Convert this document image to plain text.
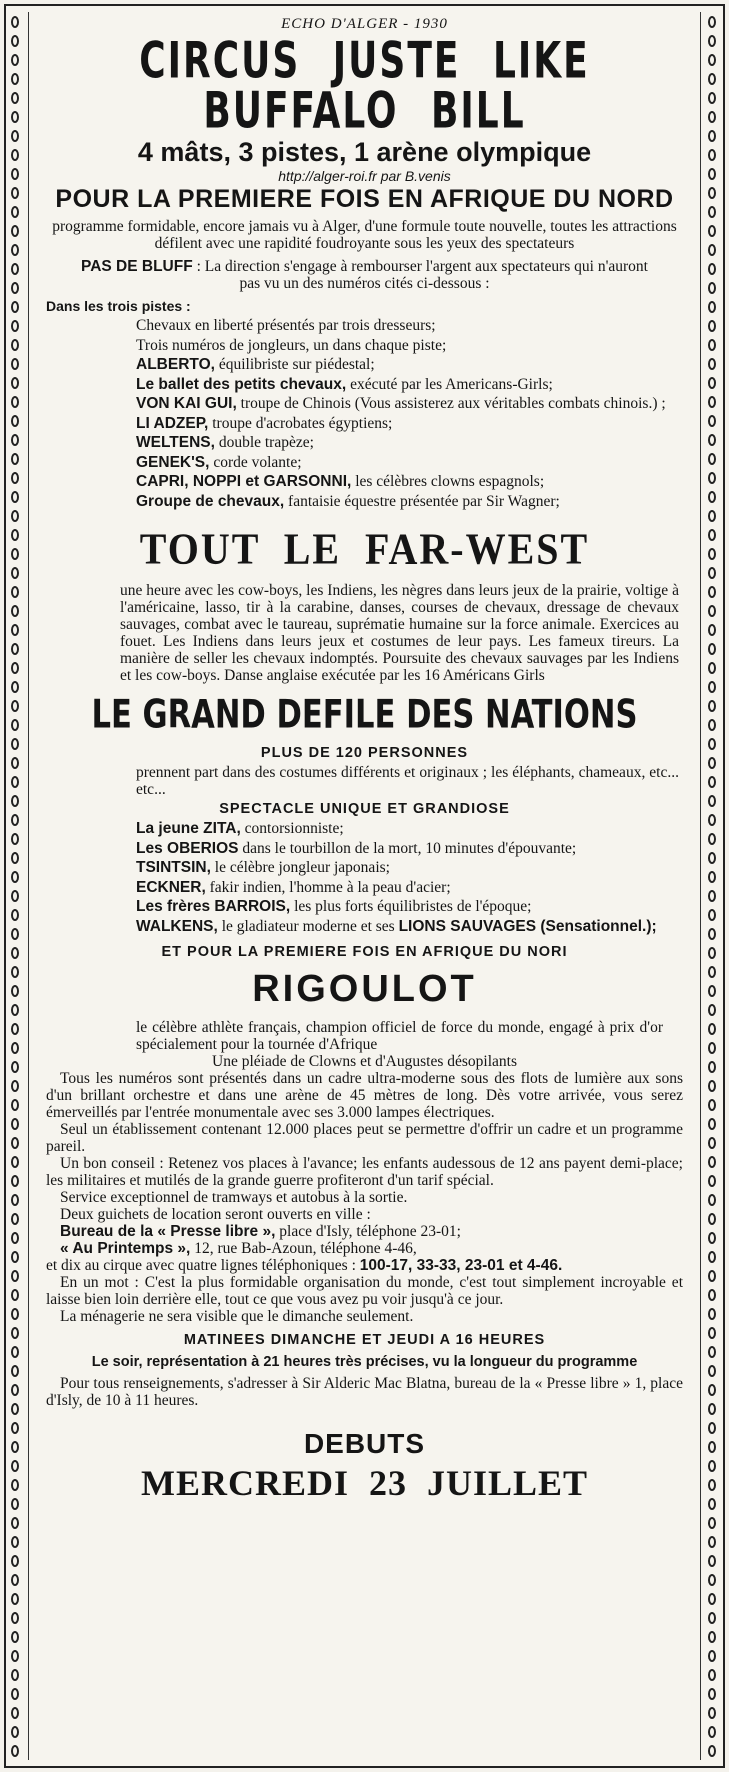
ECHO D'ALGER - 1930

CIRCUS JUSTE LIKE BUFFALO BILL
4 mâts, 3 pistes, 1 arène olympique

http://alger-roi.fr par B.venis

POUR LA PREMIERE FOIS EN AFRIQUE DU NORD

programme formidable, encore jamais vu à Alger, d'une formule toute nouvelle, toutes les attractions défilent avec une rapidité foudroyante sous les yeux des spectateurs

PAS DE BLUFF : La direction s'engage à rembourser l'argent aux spectateurs qui n'auront pas vu un des numéros cités ci-dessous :

Dans les trois pistes :

Chevaux en liberté présentés par trois dresseurs;
Trois numéros de jongleurs, un dans chaque piste;
ALBERTO, équilibriste sur piédestal;
Le ballet des petits chevaux, exécuté par les Americans-Girls;
VON KAI GUI, troupe de Chinois (Vous assisterez aux véritables combats chinois.) ;
LI ADZEP, troupe d'acrobates égyptiens;
WELTENS, double trapèze;
GENEK'S, corde volante;
CAPRI, NOPPI et GARSONNI, les célèbres clowns espagnols;
Groupe de chevaux, fantaisie équestre présentée par Sir Wagner;
TOUT LE FAR-WEST

une heure avec les cow-boys, les Indiens, les nègres dans leurs jeux de la prairie, voltige à l'américaine, lasso, tir à la carabine, danses, courses de chevaux, dressage de chevaux sauvages, combat avec le taureau, suprématie humaine sur la force animale. Exercices au fouet. Les Indiens dans leurs jeux et costumes de leur pays. Les fameux tireurs. La manière de seller les chevaux indomptés. Poursuite des chevaux sauvages par les Indiens et les cow-boys. Danse anglaise exécutée par les 16 Américans Girls

LE GRAND DEFILE DES NATIONS

PLUS DE 120 PERSONNES

prennent part dans des costumes différents et originaux ; les éléphants, chameaux, etc... etc...

SPECTACLE UNIQUE ET GRANDIOSE

La jeune ZITA, contorsionniste;
Les OBERIOS dans le tourbillon de la mort, 10 minutes d'épouvante;
TSINTSIN, le célèbre jongleur japonais;
ECKNER, fakir indien, l'homme à la peau d'acier;
Les frères BARROIS, les plus forts équilibristes de l'époque;
WALKENS, le gladiateur moderne et ses LIONS SAUVAGES (Sensationnel.);

ET POUR LA PREMIERE FOIS EN AFRIQUE DU NORI

RIGOULOT

le célèbre athlète français, champion officiel de force du monde, engagé à prix d'or spécialement pour la tournée d'Afrique

Une pléiade de Clowns et d'Augustes désopilants

Tous les numéros sont présentés dans un cadre ultra-moderne sous des flots de lumière aux sons d'un brillant orchestre et dans une arène de 45 mètres de long. Dès votre arrivée, vous serez émerveillés par l'entrée monumentale avec ses 3.000 lampes électriques.

Seul un établissement contenant 12.000 places peut se permettre d'offrir un cadre et un programme pareil.

Un bon conseil : Retenez vos places à l'avance; les enfants audessous de 12 ans payent demi-place; les militaires et mutilés de la grande guerre profiteront d'un tarif spécial.

Service exceptionnel de tramways et autobus à la sortie.

Deux guichets de location seront ouverts en ville :

Bureau de la « Presse libre », place d'Isly, téléphone 23-01;

« Au Printemps », 12, rue Bab-Azoun, téléphone 4-46,

et dix au cirque avec quatre lignes téléphoniques : 100-17, 33-33, 23-01 et 4-46.

En un mot : C'est la plus formidable organisation du monde, c'est tout simplement incroyable et laisse bien loin derrière elle, tout ce que vous avez pu voir jusqu'à ce jour.

La ménagerie ne sera visible que le dimanche seulement.

MATINEES DIMANCHE ET JEUDI A 16 HEURES

Le soir, représentation à 21 heures très précises, vu la longueur du programme

Pour tous renseignements, s'adresser à Sir Alderic Mac Blatna, bureau de la « Presse libre » 1, place d'Isly, de 10 à 11 heures.

DEBUTS
MERCREDI 23 JUILLET
